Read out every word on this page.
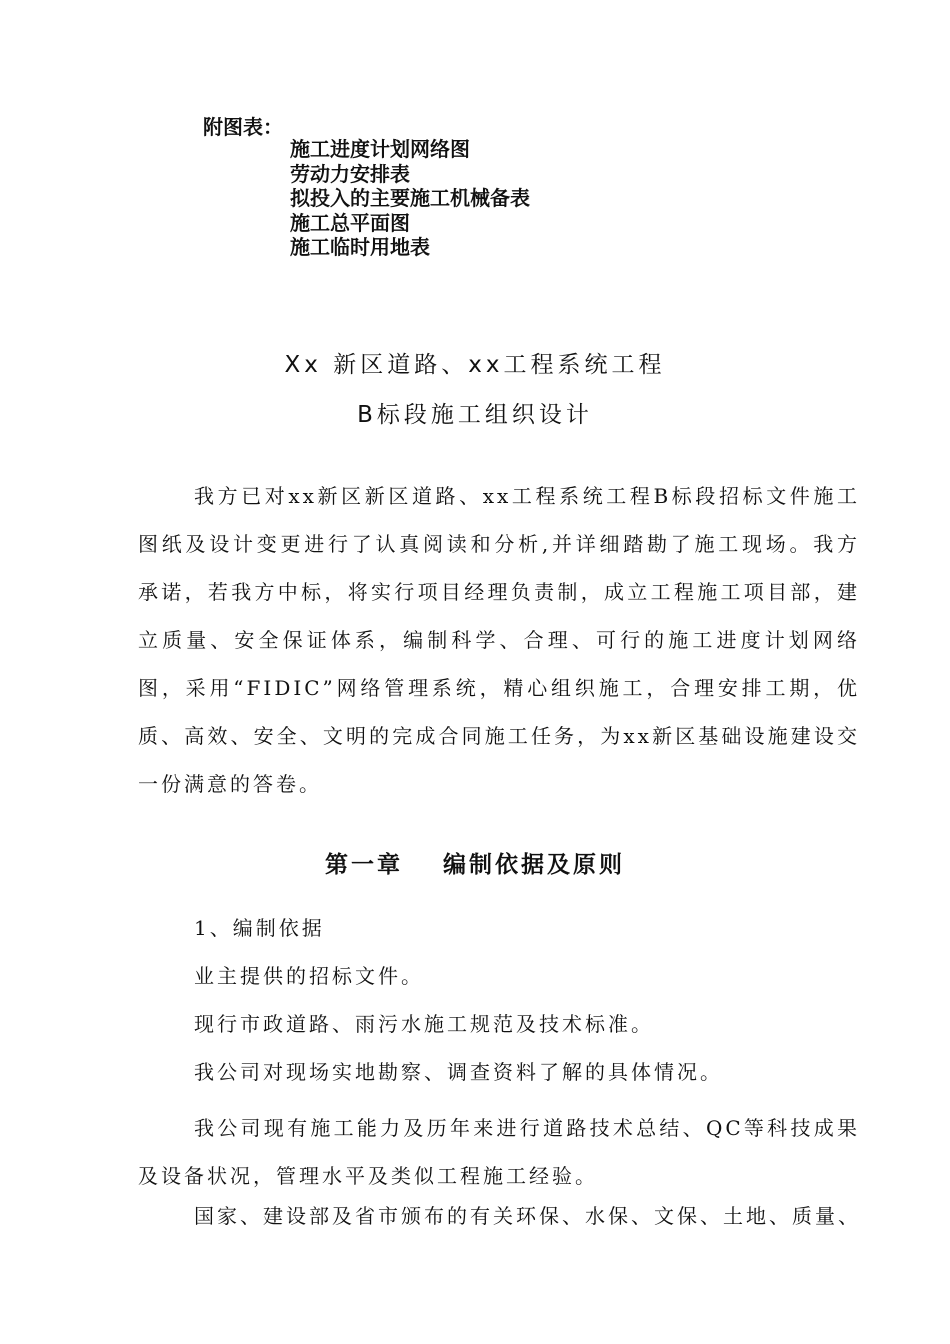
附图表：
施工进度计划网络图
劳动力安排表
拟投入的主要施工机械备表
施工总平面图
施工临时用地表
Xx 新区道路、xx工程系统工程
B标段施工组织设计

我方已对xx新区新区道路、xx工程系统工程B标段招标文件施工图纸及设计变更进行了认真阅读和分析,并详细踏勘了施工现场。我方承诺，若我方中标，将实行项目经理负责制，成立工程施工项目部，建立质量、安全保证体系，编制科学、合理、可行的施工进度计划网络图，采用“FIDIC”网络管理系统，精心组织施工，合理安排工期，优质、高效、安全、文明的完成合同施工任务，为xx新区基础设施建设交一份满意的答卷。

第一章 编制依据及原则
1、编制依据
业主提供的招标文件。
现行市政道路、雨污水施工规范及技术标准。
我公司对现场实地勘察、调查资料了解的具体情况。

我公司现有施工能力及历年来进行道路技术总结、QC等科技成果及设备状况，管理水平及类似工程施工经验。

国家、建设部及省市颁布的有关环保、水保、文保、土地、质量、
